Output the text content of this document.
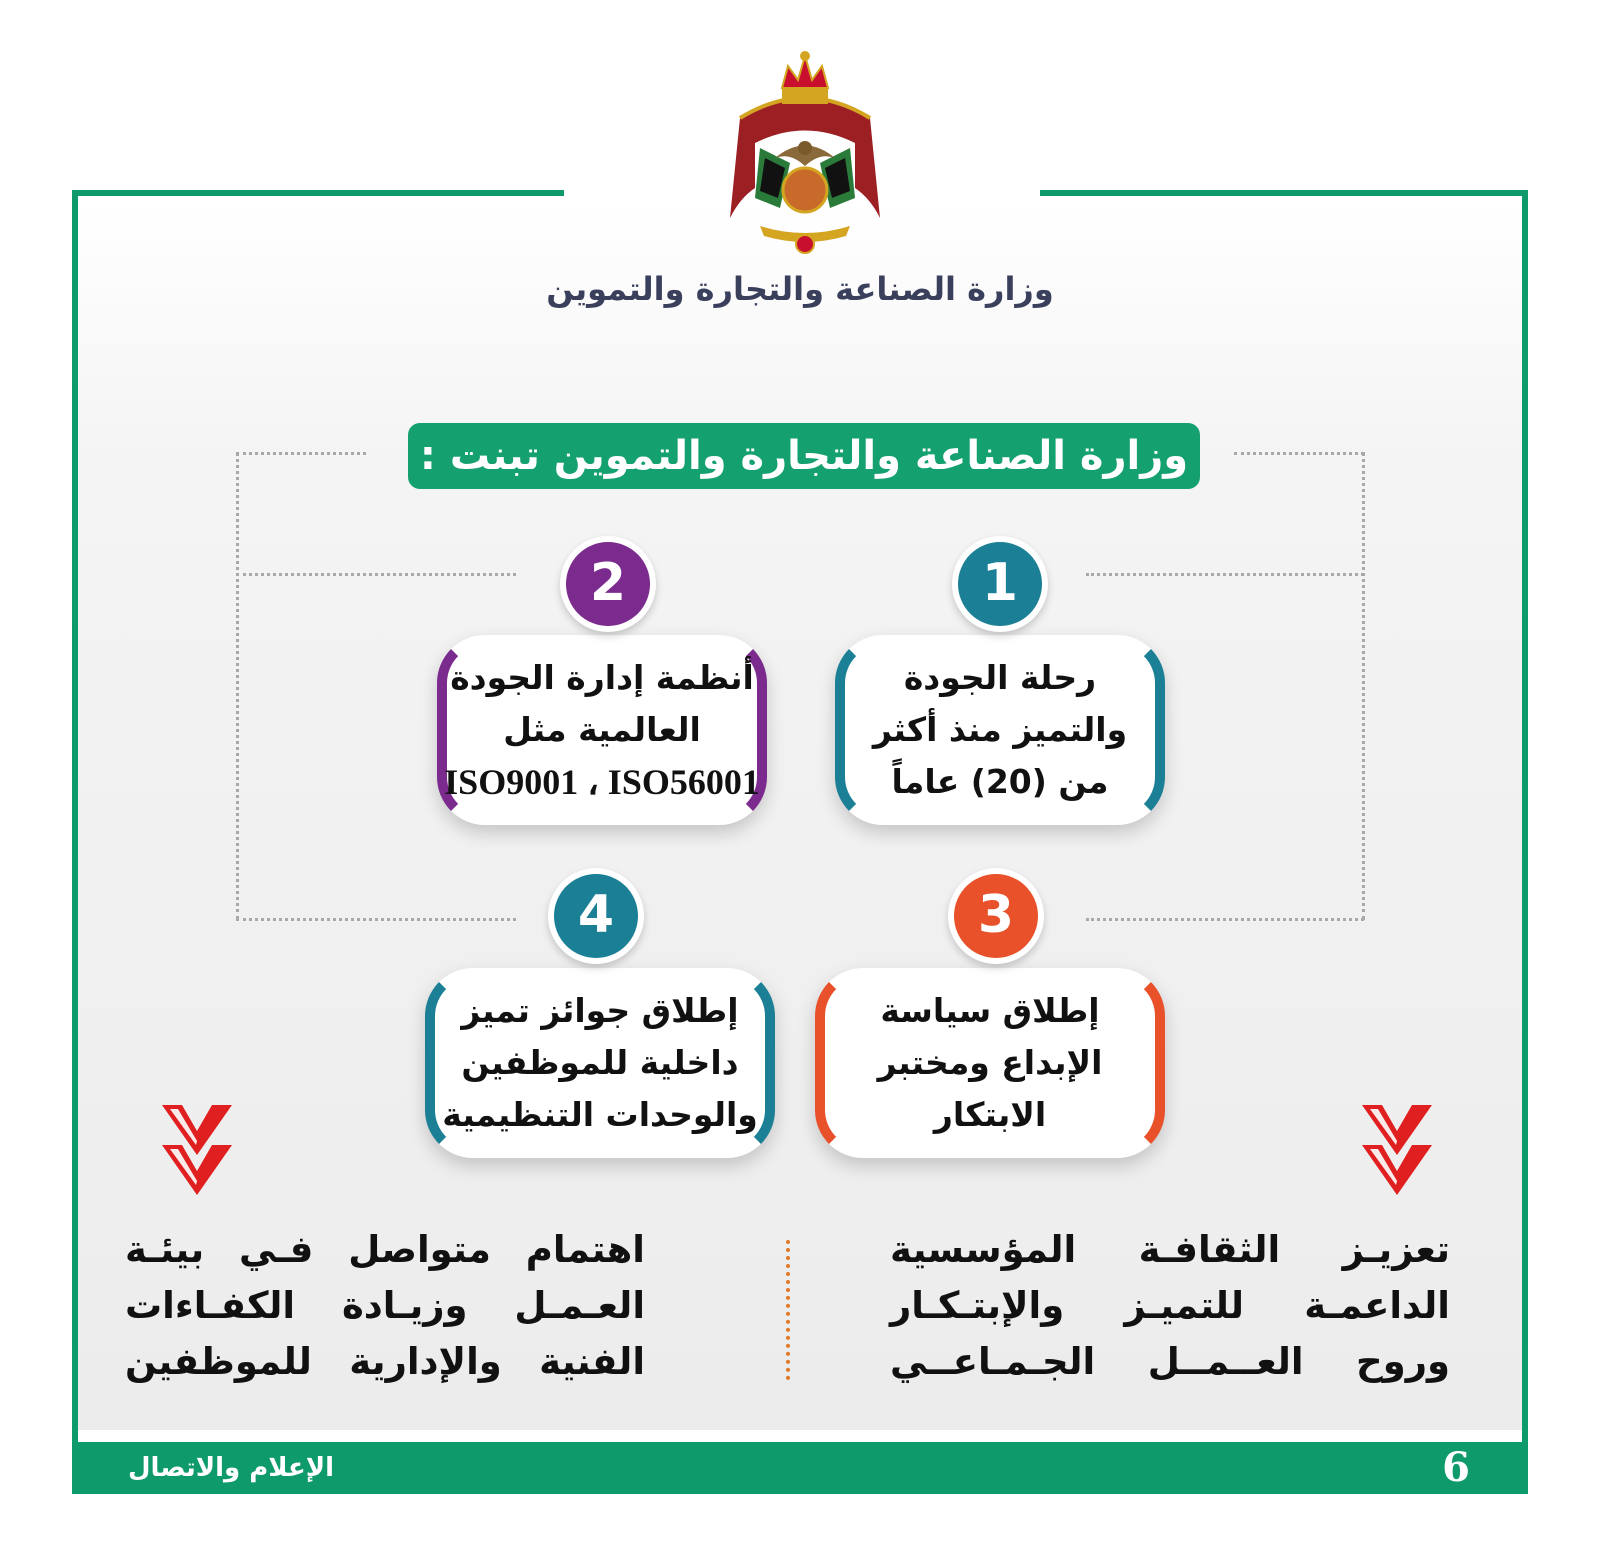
وزارة الصناعة والتجارة والتموين
وزارة الصناعة والتجارة والتموين تبنت :
رحلة الجودة
والتميز منذ أكثر
من (20) عاماً
1
أنظمة إدارة الجودة
العالمية مثل
ISO9001 ، ISO56001
2
إطلاق سياسة
الإبداع ومختبر
الابتكار
3
إطلاق جوائز تميز
داخلية للموظفين
والوحدات التنظيمية
4
تعزيـز الثقافـة المؤسسية
الداعمـة للتميـز والإبتـكـار
وروح العــمــل الجـمـاعــي
اهتمام متواصل فـي بيئـة
العـمـل وزيـادة الكفـاءات
الفنية والإدارية للموظفين
الإعلام والاتصال	6
